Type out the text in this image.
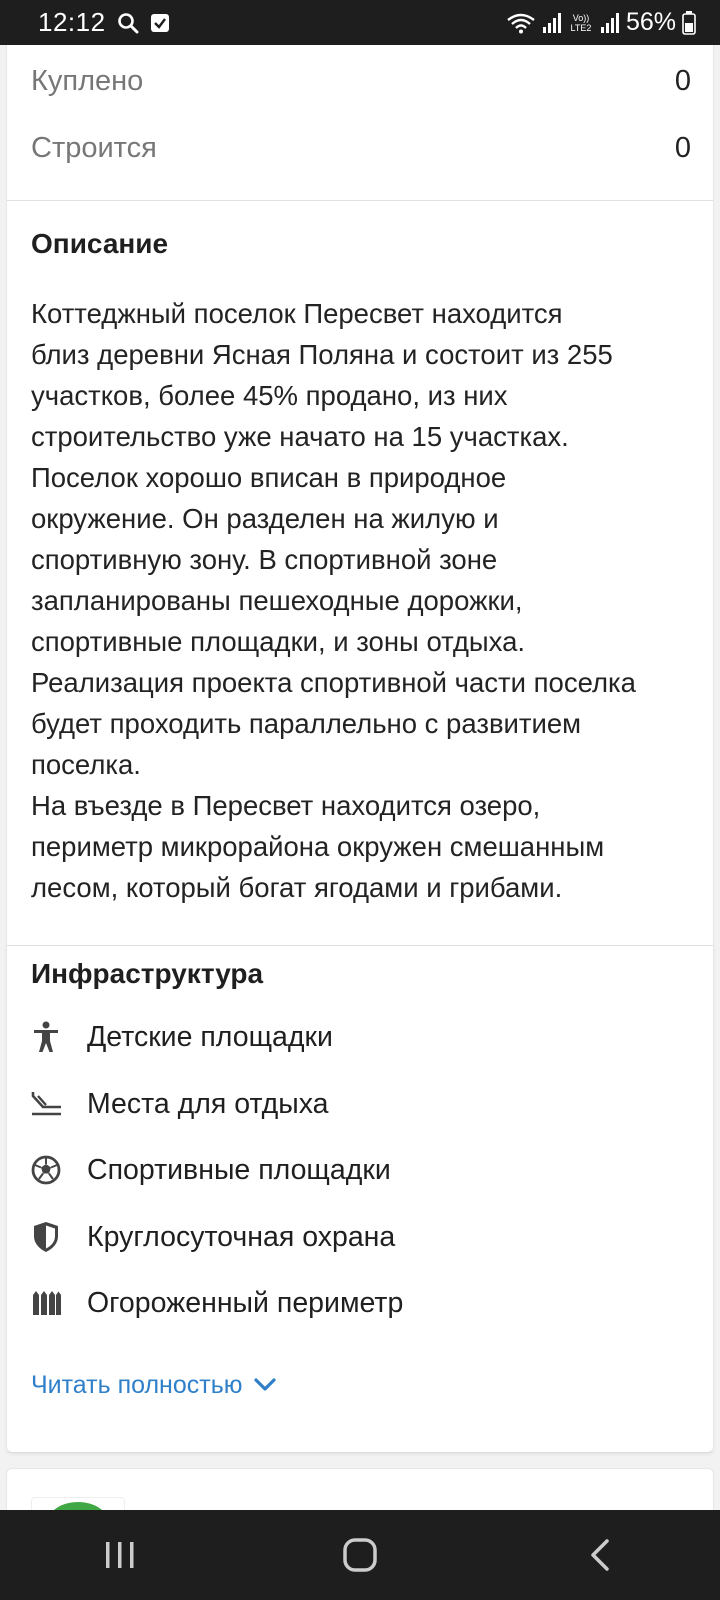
12:12	Vo)) LTE2 56%
Куплено	0
Строится	0
Описание
Коттеджный поселок Пересвет находится
близ деревни Ясная Поляна и состоит из 255
участков, более 45% продано, из них
строительство уже начато на 15 участках.
Поселок хорошо вписан в природное
окружение. Он разделен на жилую и
спортивную зону. В спортивной зоне
запланированы пешеходные дорожки,
спортивные площадки, и зоны отдыха.
Реализация проекта спортивной части поселка
будет проходить параллельно с развитием
поселка.
На въезде в Пересвет находится озеро,
периметр микрорайона окружен смешанным
лесом, который богат ягодами и грибами.
Инфраструктура
Детские площадки
Места для отдыха
Спортивные площадки
Круглосуточная охрана
Огороженный периметр
Читать полностью
